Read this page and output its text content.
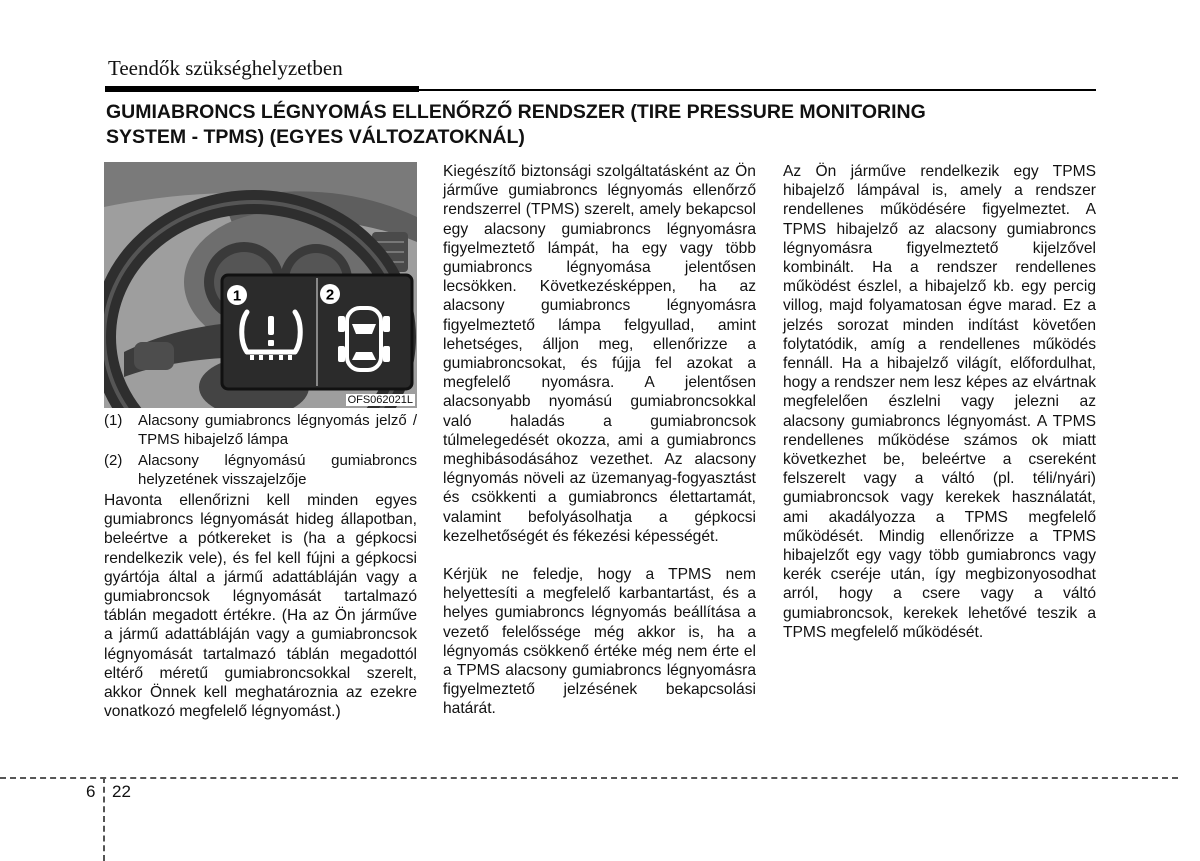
Teendők szükséghelyzetben
GUMIABRONCS LÉGNYOMÁS ELLENŐRZŐ RENDSZER (TIRE PRESSURE MONITORING
SYSTEM - TPMS) (EGYES VÁLTOZATOKNÁL)
1	2
OFS062021L
(1) Alacsony gumiabroncs légnyomás jelző / TPMS hibajelző lámpa
(2) Alacsony légnyomású gumiabroncs helyzetének visszajelzője

Havonta ellenőrizni kell minden egyes gumiabroncs légnyomását hideg állapotban, beleértve a pótkereket is (ha a gépkocsi rendelkezik vele), és fel kell fújni a gépkocsi gyártója által a jármű adattábláján vagy a gumiabroncsok légnyomását tartalmazó táblán megadott értékre. (Ha az Ön járműve a jármű adattábláján vagy a gumiabroncsok légnyomását tartalmazó táblán megadottól eltérő méretű gumiabroncsokkal szerelt, akkor Önnek kell meghatároznia az ezekre vonatkozó megfelelő légnyomást.)

Kiegészítő biztonsági szolgáltatásként az Ön járműve gumiabroncs légnyomás ellenőrző rendszerrel (TPMS) szerelt, amely bekapcsol egy alacsony gumiabroncs légnyomásra figyelmeztető lámpát, ha egy vagy több gumiabroncs légnyomása jelentősen lecsökken. Következésképpen, ha az alacsony gumiabroncs légnyomásra figyelmeztető lámpa felgyullad, amint lehetséges, álljon meg, ellenőrizze a gumiabroncsokat, és fújja fel azokat a megfelelő nyomásra. A jelentősen alacsonyabb nyomású gumiabroncsokkal való haladás a gumiabroncsok túlmelegedését okozza, ami a gumiabroncs meghibásodásához vezethet. Az alacsony légnyomás növeli az üzemanyag-fogyasztást és csökkenti a gumiabroncs élettartamát, valamint befolyásolhatja a gépkocsi kezelhetőségét és fékezési képességét.

Kérjük ne feledje, hogy a TPMS nem helyettesíti a megfelelő karbantartást, és a helyes gumiabroncs légnyomás beállítása a vezető felelőssége még akkor is, ha a légnyomás csökkenő értéke még nem érte el a TPMS alacsony gumiabroncs légnyomásra figyelmeztető jelzésének bekapcsolási határát.

Az Ön járműve rendelkezik egy TPMS hibajelző lámpával is, amely a rendszer rendellenes működésére figyelmeztet. A TPMS hibajelző az alacsony gumiabroncs légnyomásra figyelmeztető kijelzővel kombinált. Ha a rendszer rendellenes működést észlel, a hibajelző kb. egy percig villog, majd folyamatosan égve marad. Ez a jelzés sorozat minden indítást követően folytatódik, amíg a rendellenes működés fennáll. Ha a hibajelző világít, előfordulhat, hogy a rendszer nem lesz képes az elvártnak megfelelően észlelni vagy jelezni az alacsony gumiabroncs légnyomást. A TPMS rendellenes működése számos ok miatt következhet be, beleértve a csereként felszerelt vagy a váltó (pl. téli/nyári) gumiabroncsok vagy kerekek használatát, ami akadályozza a TPMS megfelelő működését. Mindig ellenőrizze a TPMS hibajelzőt egy vagy több gumiabroncs vagy kerék cseréje után, így megbizonyosodhat arról, hogy a csere vagy a váltó gumiabroncsok, kerekek lehetővé teszik a TPMS megfelelő működését.

6 22
